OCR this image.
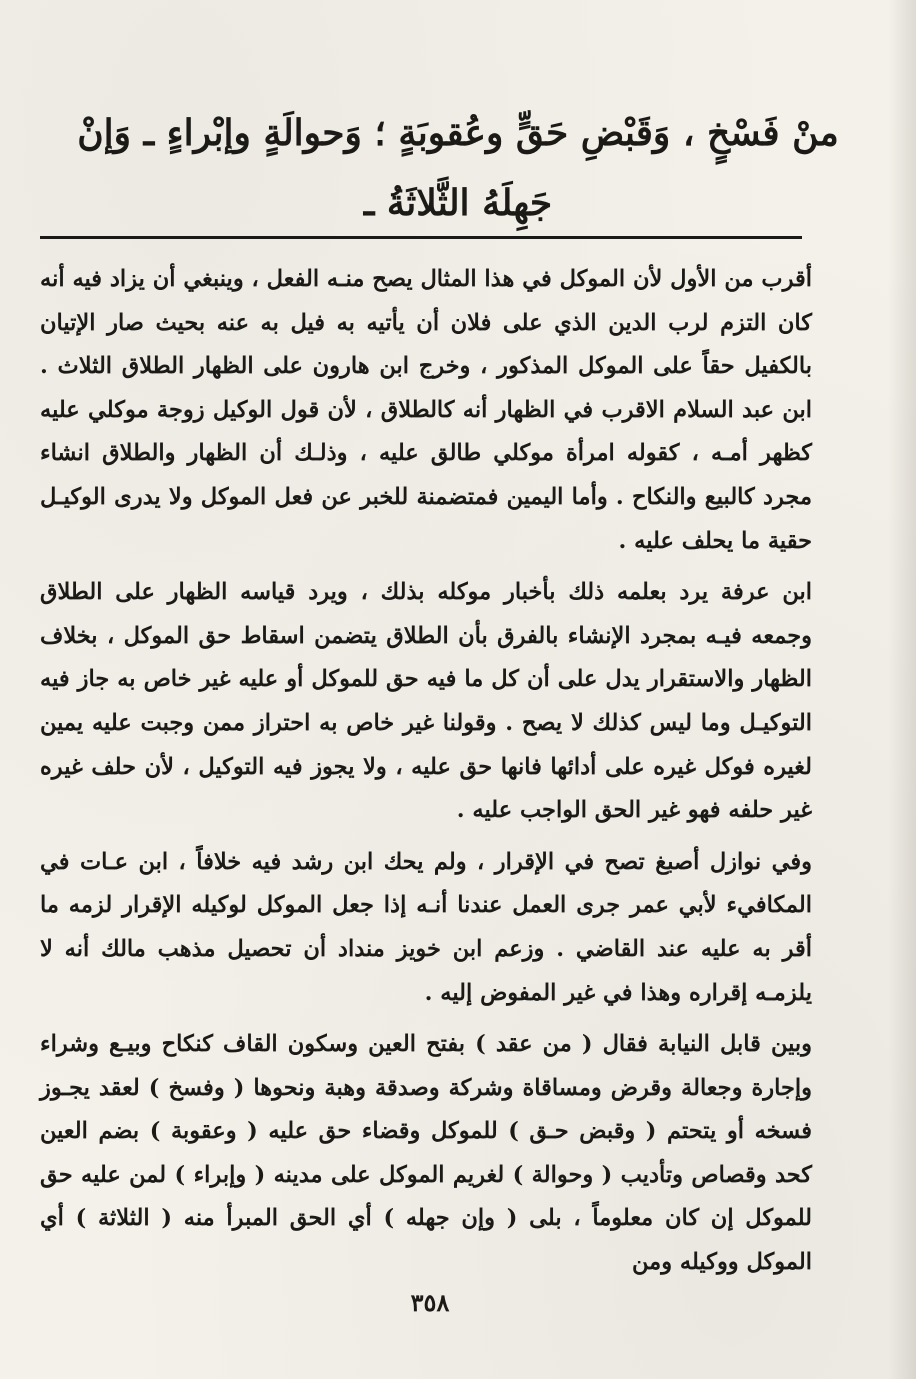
منْ فَسْخٍ ، وَقَبْضِ حَقٍّ وعُقوبَةٍ ؛ وَحوالَةٍ وإبْراءٍ ـ وَإنْ

جَهِلَهُ الثَّلاثَةُ ـ

أقرب من الأول لأن الموكل في هذا المثال يصح منـه الفعل ، وينبغي أن يزاد فيه أنه كان التزم لرب الدين الذي على فلان أن يأتيه به فيل به عنه بحيث صار الإتيان بالكفيل حقاً على الموكل المذكور ، وخرج ابن هارون على الظهار الطلاق الثلاث . ابن عبد السلام الاقرب في الظهار أنه كالطلاق ، لأن قول الوكيل زوجة موكلي عليه كظهر أمـه ، كقوله امرأة موكلي طالق عليه ، وذلـك أن الظهار والطلاق انشاء مجرد كالبيع والنكاح . وأما اليمين فمتضمنة للخبر عن فعل الموكل ولا يدرى الوكيـل حقية ما يحلف عليه .

ابن عرفة يرد بعلمه ذلك بأخبار موكله بذلك ، ويرد قياسه الظهار على الطلاق وجمعه فيـه بمجرد الإنشاء بالفرق بأن الطلاق يتضمن اسقاط حق الموكل ، بخلاف الظهار والاستقرار يدل على أن كل ما فيه حق للموكل أو عليه غير خاص به جاز فيه التوكيـل وما ليس كذلك لا يصح . وقولنا غير خاص به احتراز ممن وجبت عليه يمين لغيره فوكل غيره على أدائها فانها حق عليه ، ولا يجوز فيه التوكيل ، لأن حلف غيره غير حلفه فهو غير الحق الواجب عليه .

وفي نوازل أصبغ تصح في الإقرار ، ولم يحك ابن رشد فيه خلافاً ، ابن عـات في المكافيء لأبي عمر جرى العمل عندنا أنـه إذا جعل الموكل لوكيله الإقرار لزمه ما أقر به عليه عند القاضي . وزعم ابن خويز منداد أن تحصيل مذهب مالك أنه لا يلزمـه إقراره وهذا في غير المفوض إليه .

وبين قابل النيابة فقال ( من عقد ) بفتح العين وسكون القاف كنكاح وبيـع وشراء وإجارة وجعالة وقرض ومساقاة وشركة وصدقة وهبة ونحوها ( وفسخ ) لعقد يجـوز فسخه أو يتحتم ( وقبض حـق ) للموكل وقضاء حق عليه ( وعقوبة ) بضم العين كحد وقصاص وتأديب ( وحوالة ) لغريم الموكل على مدينه ( وإبراء ) لمن عليه حق للموكل إن كان معلوماً ، بلى ( وإن جهله ) أي الحق المبرأ منه ( الثلاثة ) أي الموكل ووكيله ومن

٣٥٨
